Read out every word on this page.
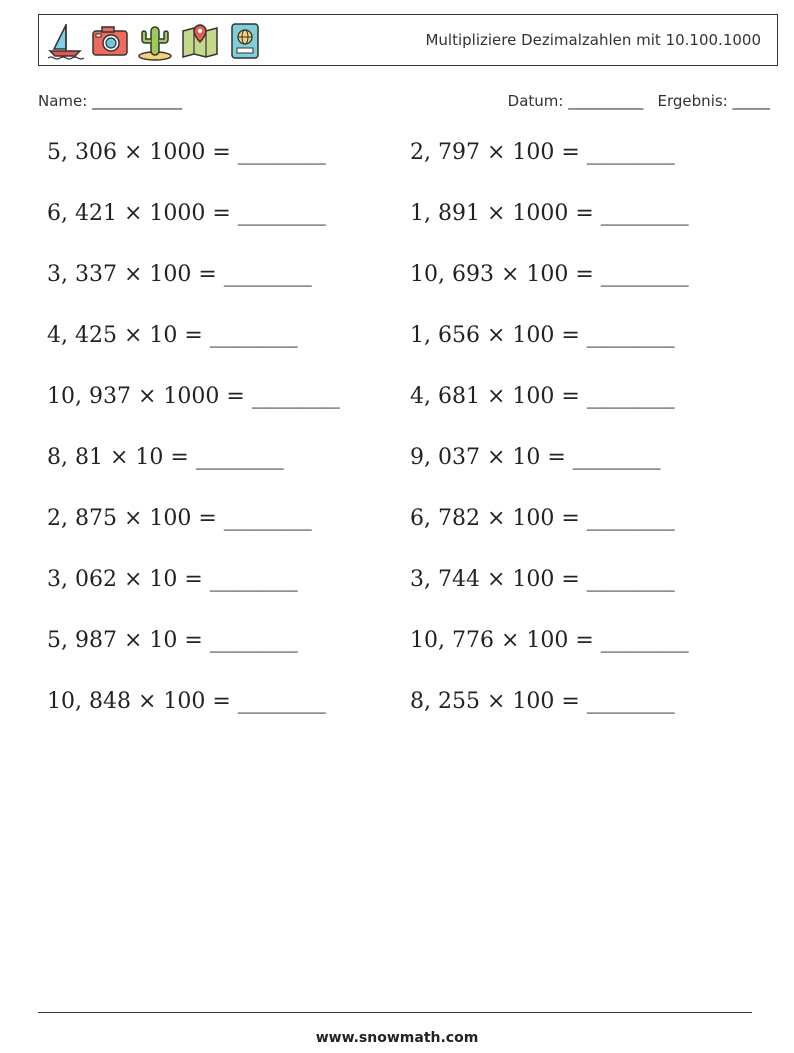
Multipliziere Dezimalzahlen mit 10.100.1000
Name: ____________	Datum: __________ Ergebnis: _____
5, 306 × 1000 = ________	2, 797 × 100 = ________
6, 421 × 1000 = ________	1, 891 × 1000 = ________
3, 337 × 100 = ________	10, 693 × 100 = ________
4, 425 × 10 = ________	1, 656 × 100 = ________
10, 937 × 1000 = ________	4, 681 × 100 = ________
8, 81 × 10 = ________	9, 037 × 10 = ________
2, 875 × 100 = ________	6, 782 × 100 = ________
3, 062 × 10 = ________	3, 744 × 100 = ________
5, 987 × 10 = ________	10, 776 × 100 = ________
10, 848 × 100 = ________	8, 255 × 100 = ________
www.snowmath.com
